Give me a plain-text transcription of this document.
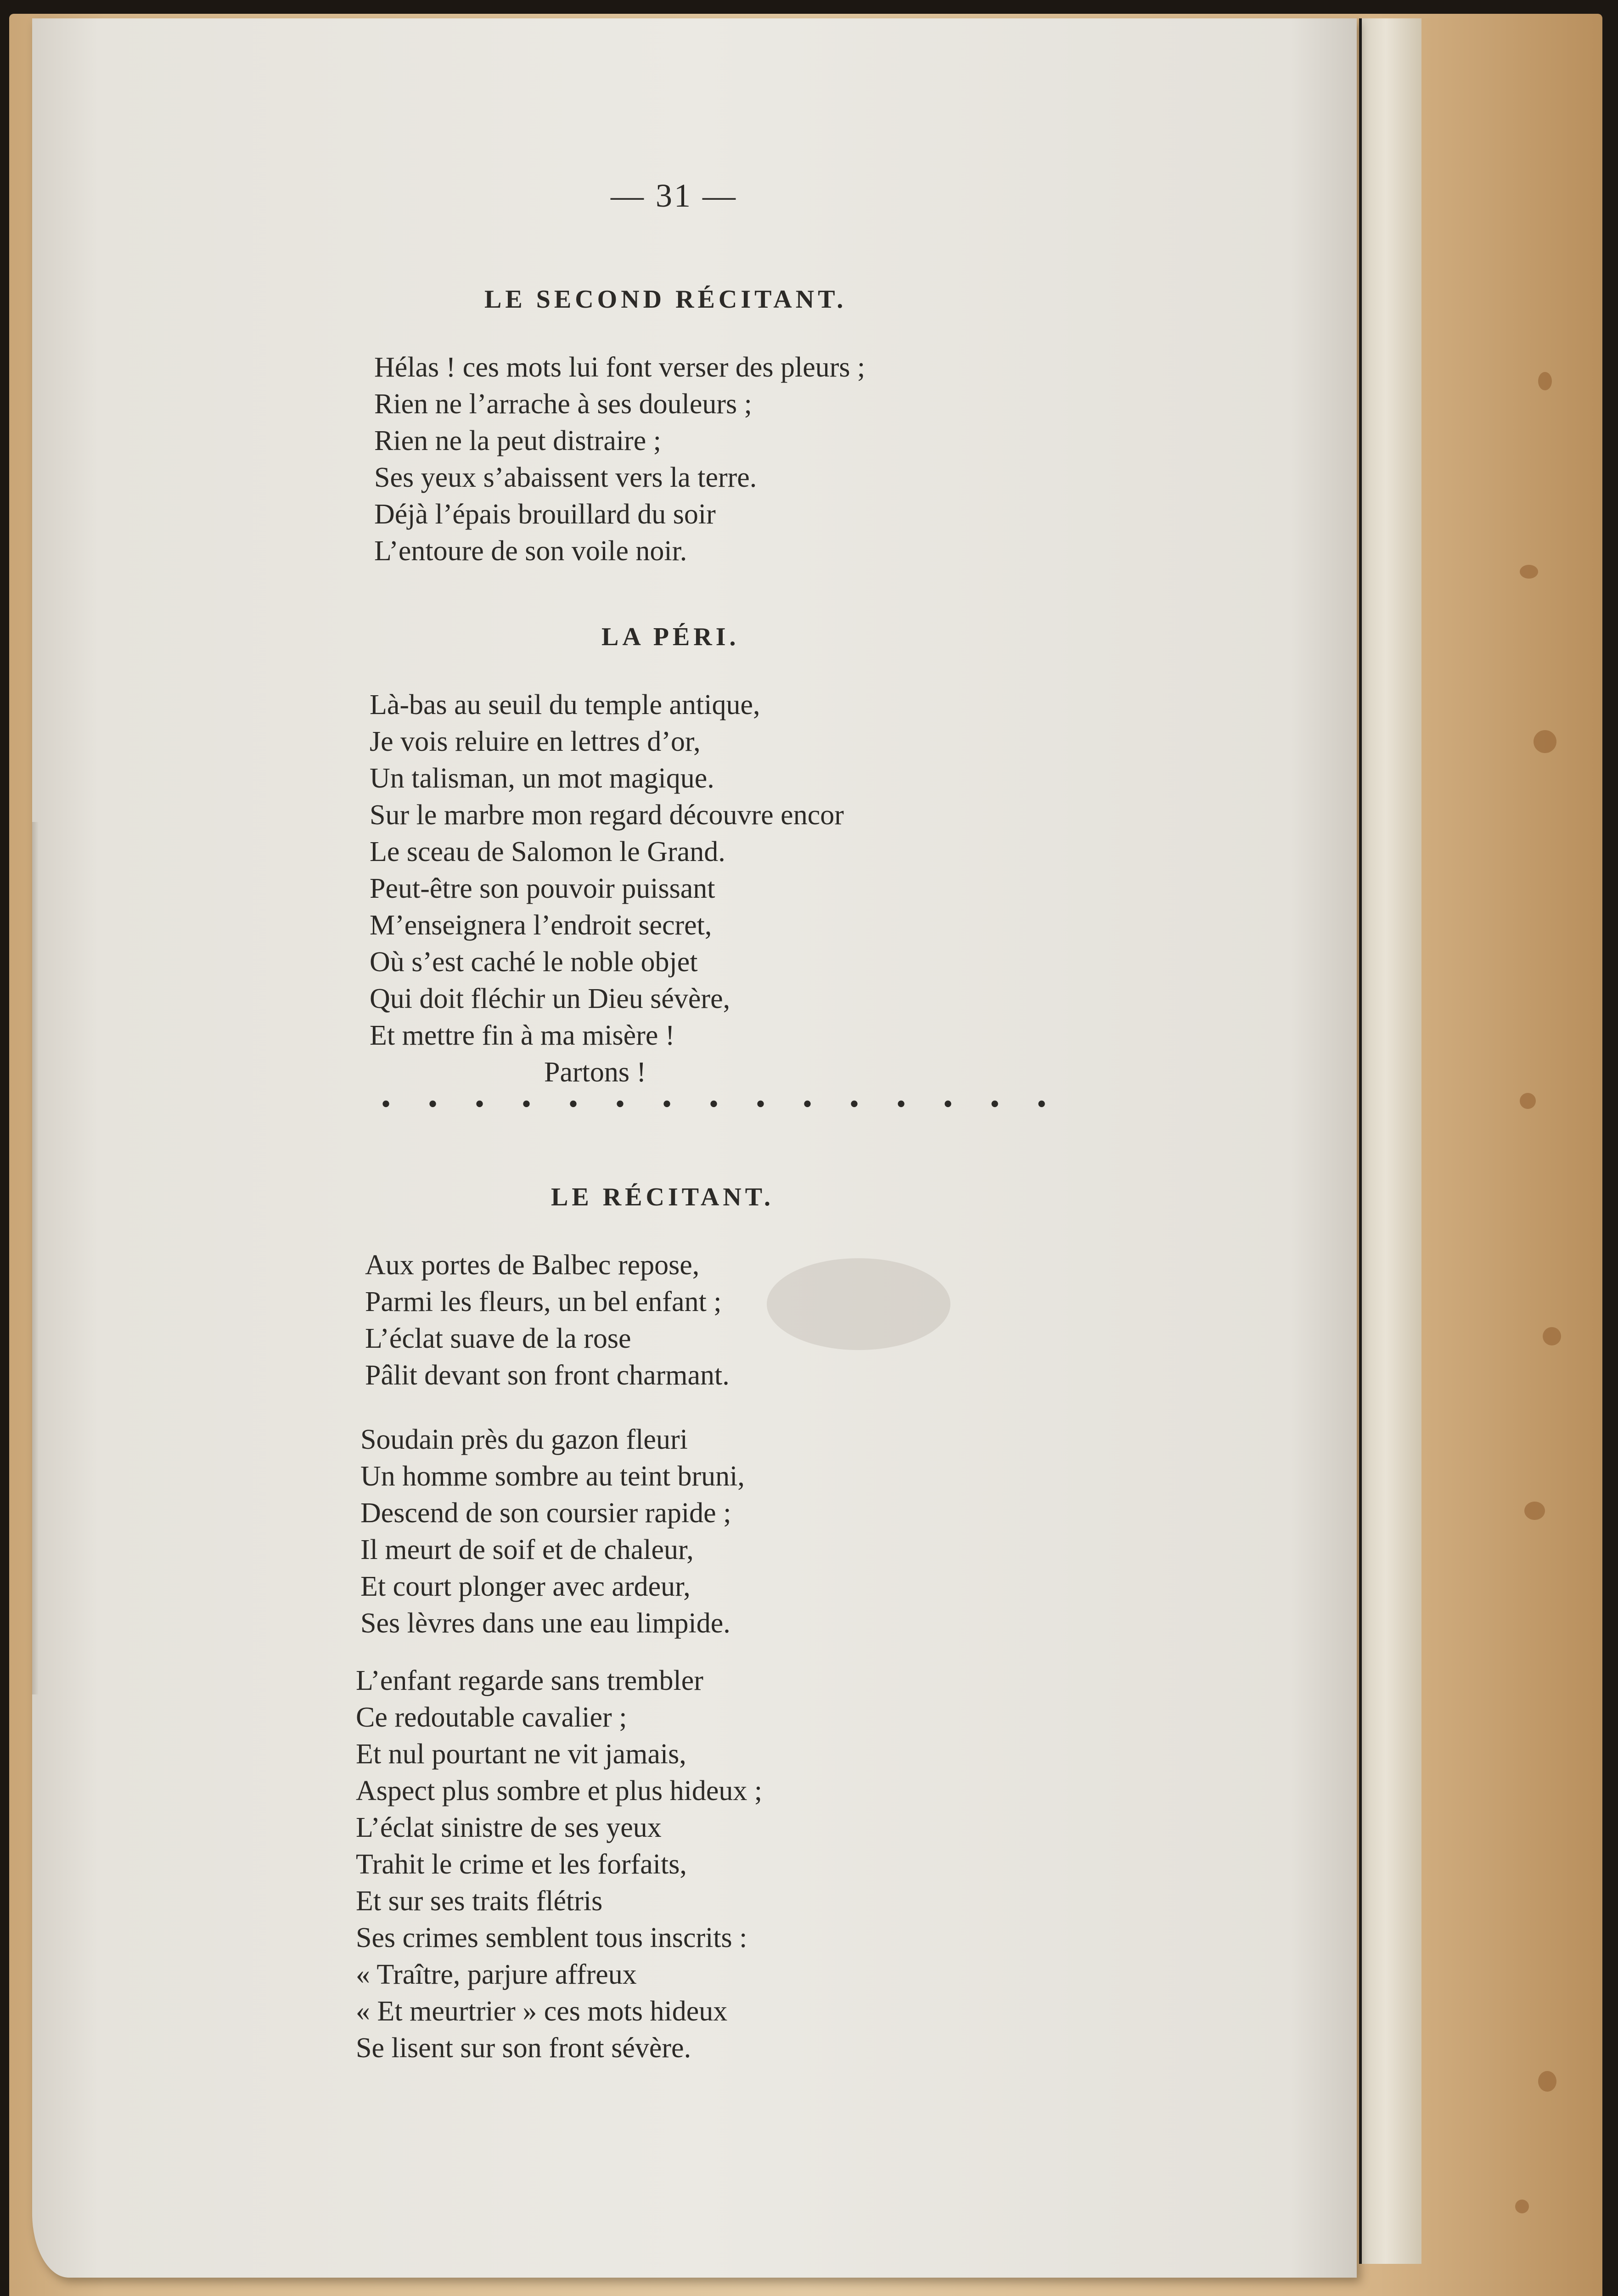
— 31 —
LE SECOND RÉCITANT.
Hélas ! ces mots lui font verser des pleurs ;
Rien ne l’arrache à ses douleurs ;
Rien ne la peut distraire ;
Ses yeux s’abaissent vers la terre.
Déjà l’épais brouillard du soir
L’entoure de son voile noir.
LA PÉRI.
Là-bas au seuil du temple antique,
Je vois reluire en lettres d’or,
Un talisman, un mot magique.
Sur le marbre mon regard découvre encor
Le sceau de Salomon le Grand.
Peut-être son pouvoir puissant
M’enseignera l’endroit secret,
Où s’est caché le noble objet
Qui doit fléchir un Dieu sévère,
Et mettre fin à ma misère !
Partons !
• • • • • • • • • • • • • • •
LE RÉCITANT.
Aux portes de Balbec repose,
Parmi les fleurs, un bel enfant ;
L’éclat suave de la rose
Pâlit devant son front charmant.
Soudain près du gazon fleuri
Un homme sombre au teint bruni,
Descend de son coursier rapide ;
Il meurt de soif et de chaleur,
Et court plonger avec ardeur,
Ses lèvres dans une eau limpide.
L’enfant regarde sans trembler
Ce redoutable cavalier ;
Et nul pourtant ne vit jamais,
Aspect plus sombre et plus hideux ;
L’éclat sinistre de ses yeux
Trahit le crime et les forfaits,
Et sur ses traits flétris
Ses crimes semblent tous inscrits :
« Traître, parjure affreux
« Et meurtrier » ces mots hideux
Se lisent sur son front sévère.
